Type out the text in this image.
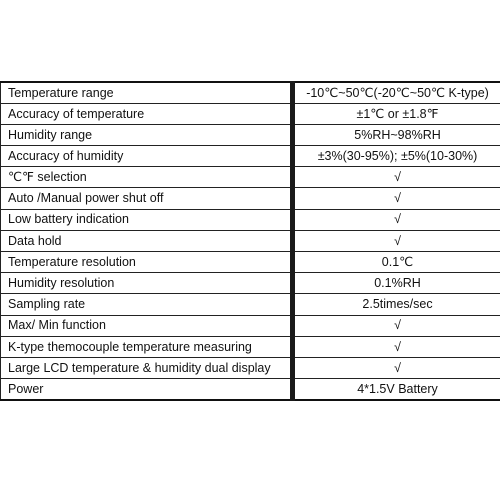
Temperature range	-10℃~50℃(-20℃~50℃ K-type)
Accuracy of temperature	±1℃ or ±1.8℉
Humidity range	5%RH~98%RH
Accuracy of humidity	±3%(30-95%); ±5%(10-30%)
℃℉ selection	√
Auto /Manual power shut off	√
Low battery indication	√
Data hold	√
Temperature resolution	0.1℃
Humidity resolution	0.1%RH
Sampling rate	2.5times/sec
Max/ Min function	√
K-type themocouple temperature measuring	√
Large LCD temperature & humidity dual display	√
Power	4*1.5V Battery
